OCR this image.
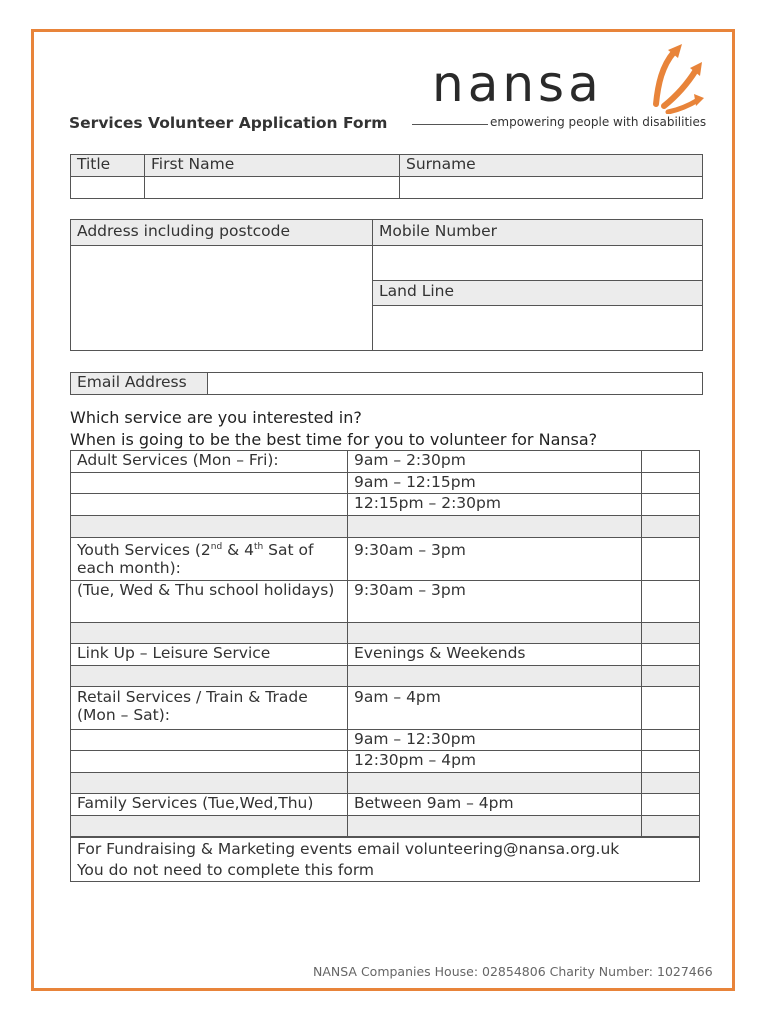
nansa
empowering people with disabilities
Services Volunteer Application Form
Title	First Name	Surname

Address including postcode	Mobile Number

	Land Line

Email Address	
Which service are you interested in?
When is going to be the best time for you to volunteer for Nansa?
Adult Services (Mon – Fri):	9am – 2:30pm	
	9am – 12:15pm	
	12:15pm – 2:30pm	

Youth Services (2nd & 4th Sat of each month):	9:30am – 3pm	
(Tue, Wed & Thu school holidays)	9:30am – 3pm	

Link Up – Leisure Service	Evenings & Weekends	

Retail Services / Train & Trade (Mon – Sat):	9am – 4pm	
	9am – 12:30pm	
	12:30pm – 4pm	

Family Services (Tue,Wed,Thu)	Between 9am – 4pm	

For Fundraising & Marketing events email volunteering@nansa.org.uk
You do not need to complete this form
NANSA Companies House: 02854806 Charity Number: 1027466
